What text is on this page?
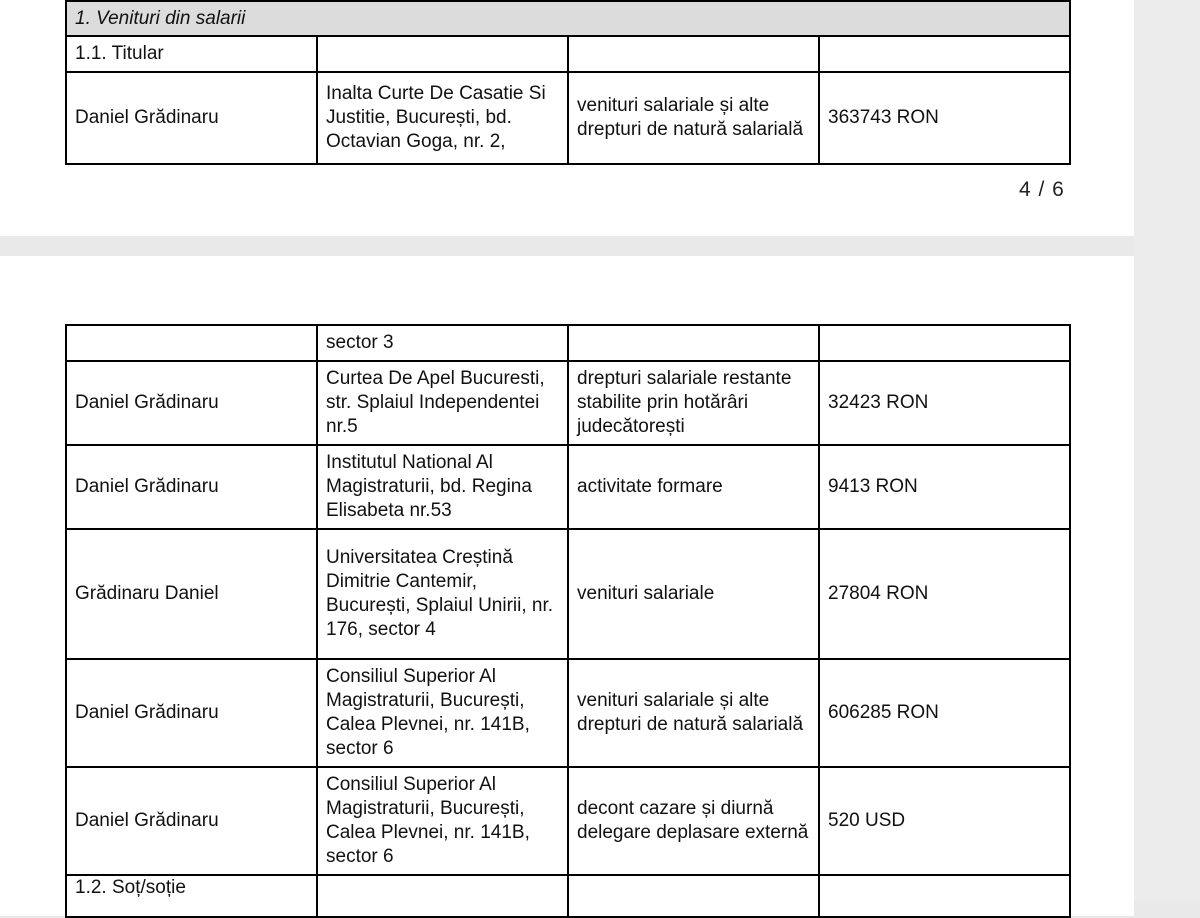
1. Venituri din salarii			
1.1. Titular			
Daniel Grădinaru	Inalta Curte De Casatie Si Justitie, București, bd. Octavian Goga, nr. 2,	venituri salariale și alte drepturi de natură salarială	363743 RON
4 / 6
	sector 3		
Daniel Grădinaru	Curtea De Apel Bucuresti, str. Splaiul Independentei nr.5	drepturi salariale restante stabilite prin hotărâri judecătorești	32423 RON
Daniel Grădinaru	Institutul National Al Magistraturii, bd. Regina Elisabeta nr.53	activitate formare	9413 RON
Grădinaru Daniel	Universitatea Creștină Dimitrie Cantemir, București, Splaiul Unirii, nr. 176, sector 4	venituri salariale	27804 RON
Daniel Grădinaru	Consiliul Superior Al Magistraturii, București, Calea Plevnei, nr. 141B, sector 6	venituri salariale și alte drepturi de natură salarială	606285 RON
Daniel Grădinaru	Consiliul Superior Al Magistraturii, București, Calea Plevnei, nr. 141B, sector 6	decont cazare și diurnă delegare deplasare externă	520 USD
1.2. Soț/soție			
